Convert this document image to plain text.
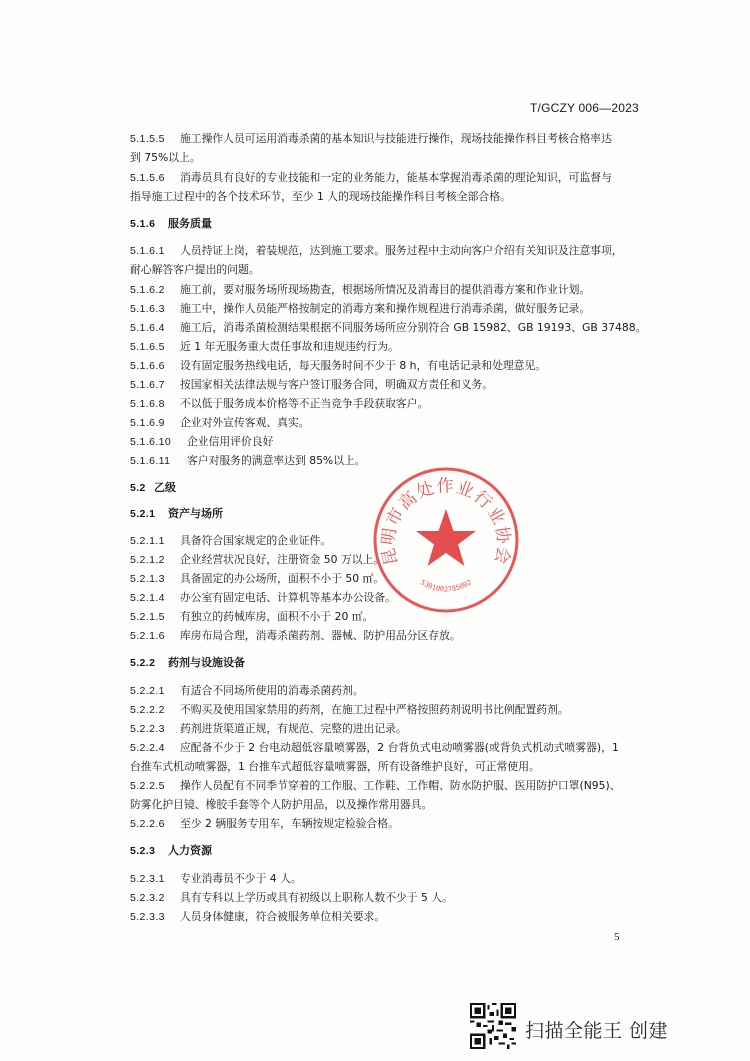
T/GCZY 006—2023
5.1.5.5 施工操作人员可运用消毒杀菌的基本知识与技能进行操作，现场技能操作科目考核合格率达
到 75%以上。
5.1.5.6 消毒员具有良好的专业技能和一定的业务能力，能基本掌握消毒杀菌的理论知识，可监督与
指导施工过程中的各个技术环节，至少 1 人的现场技能操作科目考核全部合格。
5.1.6 服务质量
5.1.6.1 人员持证上岗，着装规范，达到施工要求。服务过程中主动向客户介绍有关知识及注意事项，
耐心解答客户提出的问题。
5.1.6.2 施工前，要对服务场所现场勘查，根据场所情况及消毒目的提供消毒方案和作业计划。
5.1.6.3 施工中，操作人员能严格按制定的消毒方案和操作规程进行消毒杀菌，做好服务记录。
5.1.6.4 施工后，消毒杀菌检测结果根据不同服务场所应分别符合 GB 15982、GB 19193、GB 37488。
5.1.6.5 近 1 年无服务重大责任事故和违规违约行为。
5.1.6.6 设有固定服务热线电话，每天服务时间不少于 8 h，有电话记录和处理意见。
5.1.6.7 按国家相关法律法规与客户签订服务合同，明确双方责任和义务。
5.1.6.8 不以低于服务成本价格等不正当竞争手段获取客户。
5.1.6.9 企业对外宣传客观、真实。
5.1.6.10 企业信用评价良好
5.1.6.11 客户对服务的满意率达到 85%以上。
5.2 乙级
5.2.1 资产与场所
5.2.1.1 具备符合国家规定的企业证件。
5.2.1.2 企业经营状况良好，注册资金 50 万以上。
5.2.1.3 具备固定的办公场所，面积不小于 50 ㎡。
5.2.1.4 办公室有固定电话、计算机等基本办公设备。
5.2.1.5 有独立的药械库房，面积不小于 20 ㎡。
5.2.1.6 库房布局合理，消毒杀菌药剂、器械、防护用品分区存放。
5.2.2 药剂与设施设备
5.2.2.1 有适合不同场所使用的消毒杀菌药剂。
5.2.2.2 不购买及使用国家禁用的药剂，在施工过程中严格按照药剂说明书比例配置药剂。
5.2.2.3 药剂进货渠道正规，有规范、完整的进出记录。
5.2.2.4 应配备不少于 2 台电动超低容量喷雾器，2 台背负式电动喷雾器(或背负式机动式喷雾器)，1
台推车式机动喷雾器，1 台推车式超低容量喷雾器，所有设备维护良好，可正常使用。
5.2.2.5 操作人员配有不同季节穿着的工作服、工作鞋、工作帽、防水防护服、医用防护口罩(N95)、
防雾化护目镜、橡胶手套等个人防护用品，以及操作常用器具。
5.2.2.6 至少 2 辆服务专用车，车辆按规定检验合格。
5.2.3 人力资源
5.2.3.1 专业消毒员不少于 4 人。
5.2.3.2 具有专科以上学历或具有初级以上职称人数不少于 5 人。
5.2.3.3 人员身体健康，符合被服务单位相关要求。
5
昆明市高处作业行业协会
5301002785002
扫描全能王 创建
